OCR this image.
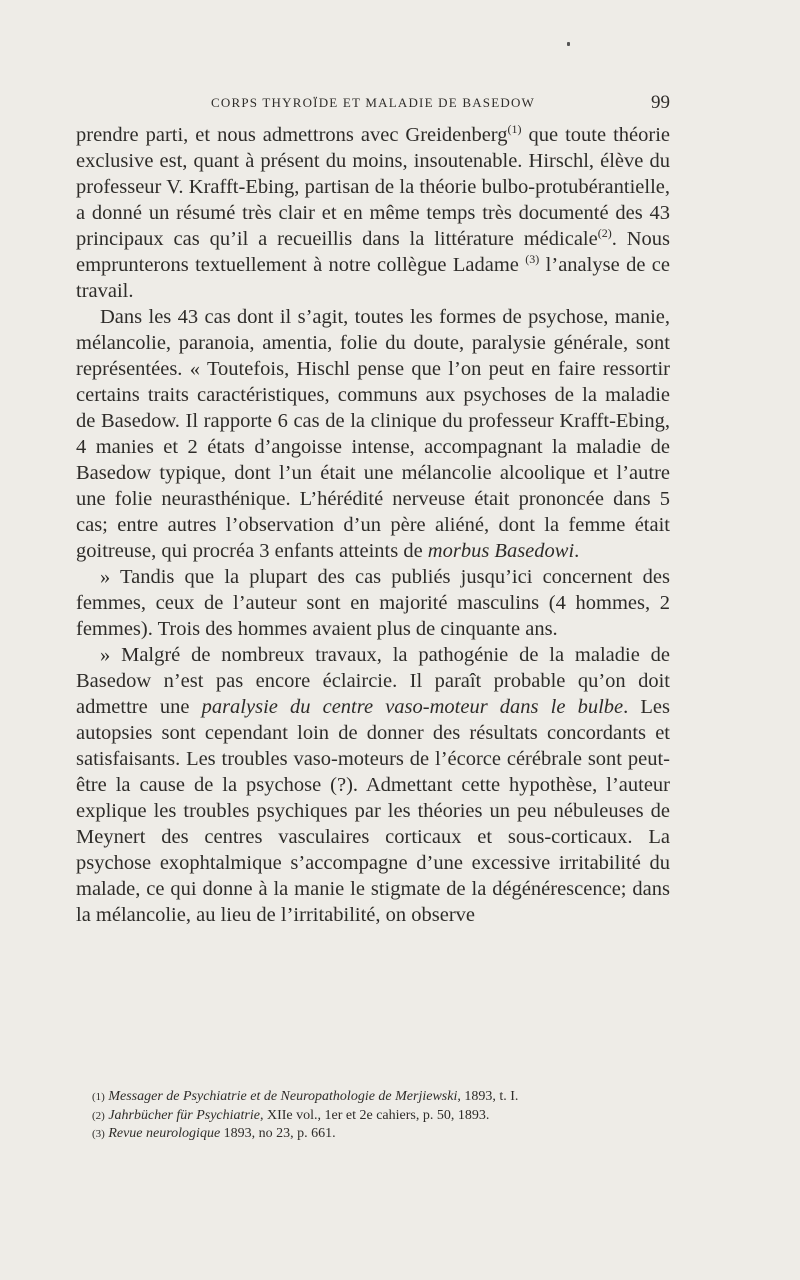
CORPS THYROÏDE ET MALADIE DE BASEDOW	99

prendre parti, et nous admettrons avec Greidenberg$^{(1)}$ que toute théorie exclusive est, quant à présent du moins, insoutenable. Hirschl, élève du professeur V. Krafft-Ebing, partisan de la théorie bulbo-protubérantielle, a donné un résumé très clair et en même temps très documenté des 43 principaux cas qu’il a recueillis dans la littérature médicale$^{(2)}$. Nous emprunterons textuellement à notre collègue Ladame $^{(3)}$ l’analyse de ce travail.

Dans les 43 cas dont il s’agit, toutes les formes de psychose, manie, mélancolie, paranoia, amentia, folie du doute, paralysie générale, sont représentées. « Toutefois, Hischl pense que l’on peut en faire ressortir certains traits caractéristiques, communs aux psychoses de la maladie de Basedow. Il rapporte 6 cas de la clinique du professeur Krafft-Ebing, 4 manies et 2 états d’angoisse intense, accompagnant la maladie de Basedow typique, dont l’un était une mélancolie alcoolique et l’autre une folie neurasthénique. L’hérédité nerveuse était prononcée dans 5 cas; entre autres l’observation d’un père aliéné, dont la femme était goitreuse, qui procréa 3 enfants atteints de morbus Basedowi.

» Tandis que la plupart des cas publiés jusqu’ici concernent des femmes, ceux de l’auteur sont en majorité masculins (4 hommes, 2 femmes). Trois des hommes avaient plus de cinquante ans.

» Malgré de nombreux travaux, la pathogénie de la maladie de Basedow n’est pas encore éclaircie. Il paraît probable qu’on doit admettre une paralysie du centre vaso-moteur dans le bulbe. Les autopsies sont cependant loin de donner des résultats concordants et satisfaisants. Les troubles vaso-moteurs de l’écorce cérébrale sont peut-être la cause de la psychose (?). Admettant cette hypothèse, l’auteur explique les troubles psychiques par les théories un peu nébuleuses de Meynert des centres vasculaires corticaux et sous-corticaux. La psychose exophtalmique s’accompagne d’une excessive irritabilité du malade, ce qui donne à la manie le stigmate de la dégénérescence; dans la mélancolie, au lieu de l’irritabilité, on observe

(1) Messager de Psychiatrie et de Neuropathologie de Merjiewski, 1893, t. I.
(2) Jahrbücher für Psychiatrie, XIIe vol., 1er et 2e cahiers, p. 50, 1893.
(3) Revue neurologique 1893, no 23, p. 661.
